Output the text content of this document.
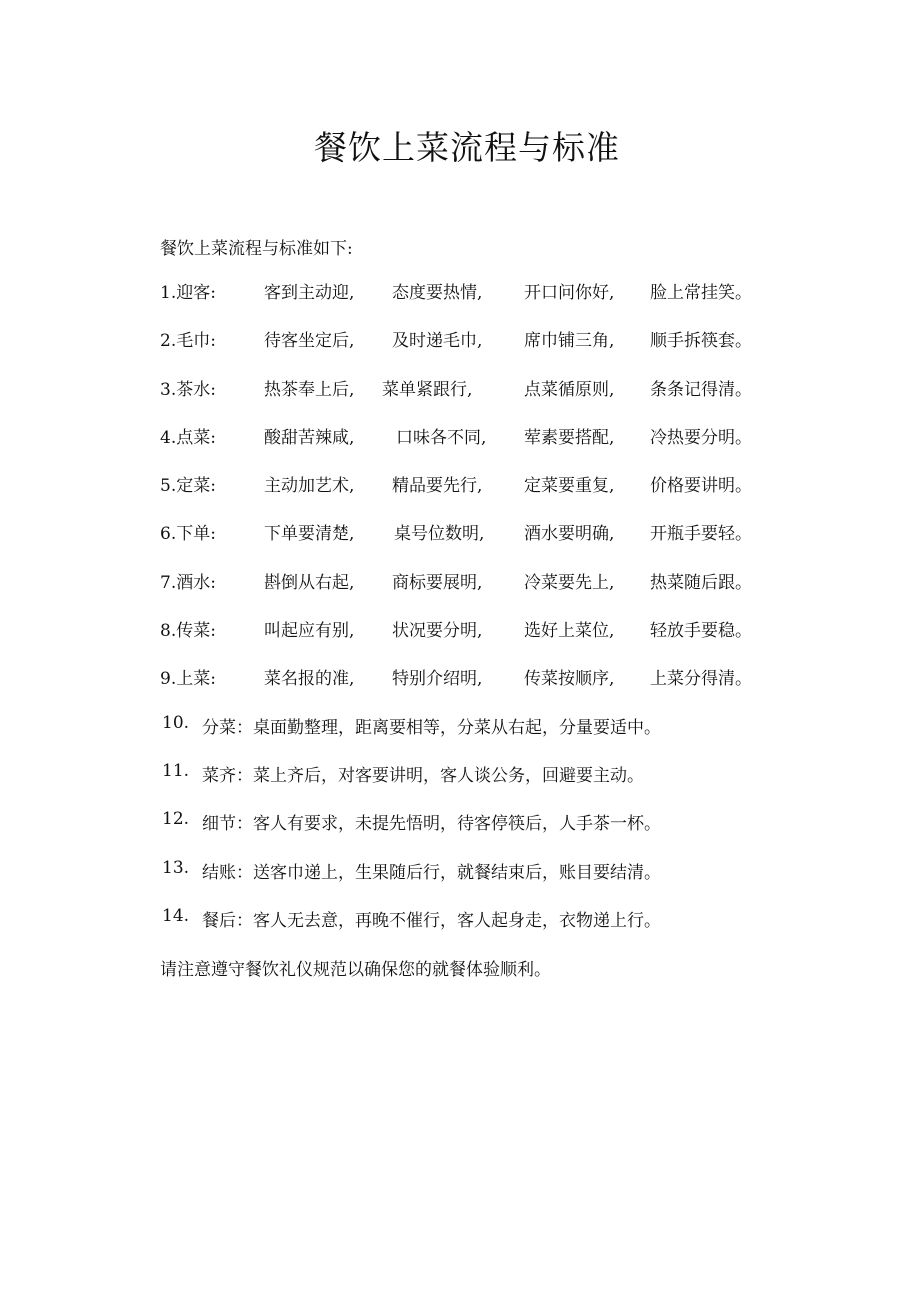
餐饮上菜流程与标准
餐饮上菜流程与标准如下:
1.迎客:	客到主动迎, 态度要热情, 开口问你好, 脸上常挂笑。
2.毛巾:	待客坐定后, 及时递毛巾, 席巾铺三角, 顺手拆筷套。
3.茶水:	热茶奉上后, 菜单紧跟行,	点菜循原则, 条条记得清。
4.点菜:	酸甜苦辣咸, 口味各不同, 荤素要搭配, 冷热要分明。
5.定菜:	主动加艺术, 精品要先行, 定菜要重复, 价格要讲明。
6.下单:	下单要清楚, 桌号位数明, 酒水要明确, 开瓶手要轻。
7.酒水:	斟倒从右起, 商标要展明, 冷菜要先上, 热菜随后跟。
8.传菜:	叫起应有别, 状况要分明, 选好上菜位, 轻放手要稳。
9.上菜:	菜名报的准, 特别介绍明, 传菜按顺序, 上菜分得清。
10. 分菜：桌面勤整理，距离要相等，分菜从右起，分量要适中。
11. 菜齐：菜上齐后，对客要讲明，客人谈公务，回避要主动。
12. 细节：客人有要求，未提先悟明，待客停筷后，人手茶一杯。
13. 结账：送客巾递上，生果随后行，就餐结束后，账目要结清。
14. 餐后：客人无去意，再晚不催行，客人起身走，衣物递上行。
请注意遵守餐饮礼仪规范以确保您的就餐体验顺利。
